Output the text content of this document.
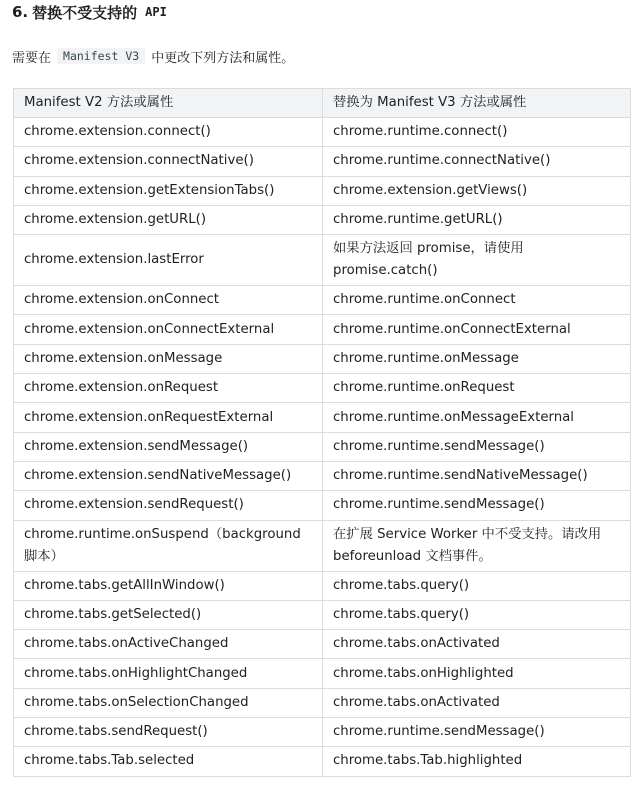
6. 替换不受支持的 API

需要在	Manifest V3 中更改下列方法和属性。

Manifest V2 方法或属性	替换为 Manifest V3 方法或属性
chrome.extension.connect()	chrome.runtime.connect()
chrome.extension.connectNative()	chrome.runtime.connectNative()
chrome.extension.getExtensionTabs()	chrome.extension.getViews()
chrome.extension.getURL()	chrome.runtime.getURL()
chrome.extension.lastError	如果方法返回 promise，请使用 promise.catch()
chrome.extension.onConnect	chrome.runtime.onConnect
chrome.extension.onConnectExternal	chrome.runtime.onConnectExternal
chrome.extension.onMessage	chrome.runtime.onMessage
chrome.extension.onRequest	chrome.runtime.onRequest
chrome.extension.onRequestExternal	chrome.runtime.onMessageExternal
chrome.extension.sendMessage()	chrome.runtime.sendMessage()
chrome.extension.sendNativeMessage()	chrome.runtime.sendNativeMessage()
chrome.extension.sendRequest()	chrome.runtime.sendMessage()
chrome.runtime.onSuspend（background 脚本）	在扩展 Service Worker 中不受支持。请改用 beforeunload 文档事件。
chrome.tabs.getAllInWindow()	chrome.tabs.query()
chrome.tabs.getSelected()	chrome.tabs.query()
chrome.tabs.onActiveChanged	chrome.tabs.onActivated
chrome.tabs.onHighlightChanged	chrome.tabs.onHighlighted
chrome.tabs.onSelectionChanged	chrome.tabs.onActivated
chrome.tabs.sendRequest()	chrome.runtime.sendMessage()
chrome.tabs.Tab.selected	chrome.tabs.Tab.highlighted
